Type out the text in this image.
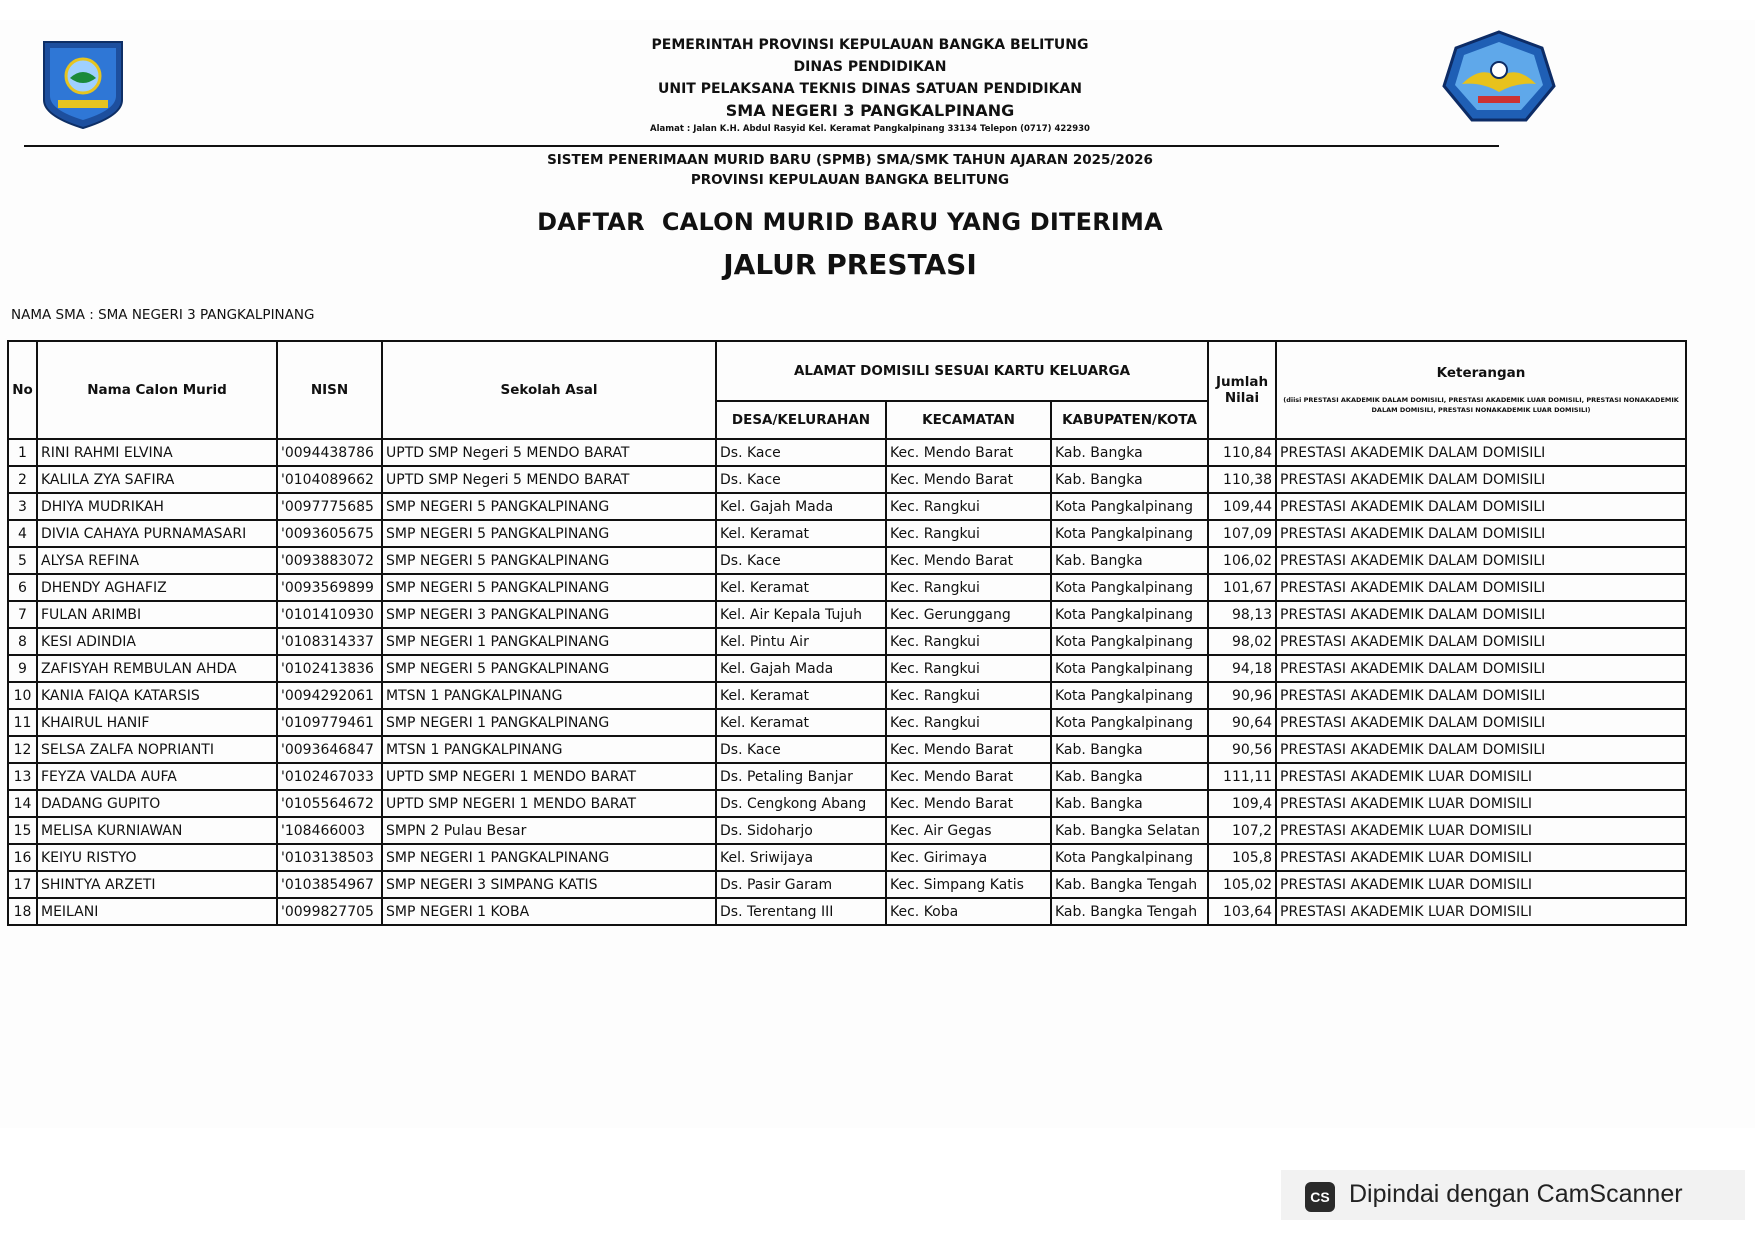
PEMERINTAH PROVINSI KEPULAUAN BANGKA BELITUNG
DINAS PENDIDIKAN
UNIT PELAKSANA TEKNIS DINAS SATUAN PENDIDIKAN
SMA NEGERI 3 PANGKALPINANG
Alamat : Jalan K.H. Abdul Rasyid Kel. Keramat Pangkalpinang 33134 Telepon (0717) 422930
SISTEM PENERIMAAN MURID BARU (SPMB) SMA/SMK TAHUN AJARAN 2025/2026
PROVINSI KEPULAUAN BANGKA BELITUNG
DAFTAR  CALON MURID BARU YANG DITERIMA
JALUR PRESTASI
NAMA SMA : SMA NEGERI 3 PANGKALPINANG
No	Nama Calon Murid	NISN	Sekolah Asal	ALAMAT DOMISILI SESUAI KARTU KELUARGA			Jumlah Nilai	Keterangan
(diisi PRESTASI AKADEMIK DALAM DOMISILI, PRESTASI AKADEMIK LUAR DOMISILI, PRESTASI NONAKADEMIK DALAM DOMISILI, PRESTASI NONAKADEMIK LUAR DOMISILI)

				DESA/KELURAHAN	KECAMATAN	KABUPATEN/KOTA		
1	RINI RAHMI ELVINA	'0094438786	UPTD SMP Negeri 5 MENDO BARAT	Ds. Kace	Kec. Mendo Barat	Kab. Bangka	110,84	PRESTASI AKADEMIK DALAM DOMISILI
2	KALILA ZYA SAFIRA	'0104089662	UPTD SMP Negeri 5 MENDO BARAT	Ds. Kace	Kec. Mendo Barat	Kab. Bangka	110,38	PRESTASI AKADEMIK DALAM DOMISILI
3	DHIYA MUDRIKAH	'0097775685	SMP NEGERI 5 PANGKALPINANG	Kel. Gajah Mada	Kec. Rangkui	Kota Pangkalpinang	109,44	PRESTASI AKADEMIK DALAM DOMISILI
4	DIVIA CAHAYA PURNAMASARI	'0093605675	SMP NEGERI 5 PANGKALPINANG	Kel. Keramat	Kec. Rangkui	Kota Pangkalpinang	107,09	PRESTASI AKADEMIK DALAM DOMISILI
5	ALYSA REFINA	'0093883072	SMP NEGERI 5 PANGKALPINANG	Ds. Kace	Kec. Mendo Barat	Kab. Bangka	106,02	PRESTASI AKADEMIK DALAM DOMISILI
6	DHENDY AGHAFIZ	'0093569899	SMP NEGERI 5 PANGKALPINANG	Kel. Keramat	Kec. Rangkui	Kota Pangkalpinang	101,67	PRESTASI AKADEMIK DALAM DOMISILI
7	FULAN ARIMBI	'0101410930	SMP NEGERI 3 PANGKALPINANG	Kel. Air Kepala Tujuh	Kec. Gerunggang	Kota Pangkalpinang	98,13	PRESTASI AKADEMIK DALAM DOMISILI
8	KESI ADINDIA	'0108314337	SMP NEGERI 1 PANGKALPINANG	Kel. Pintu Air	Kec. Rangkui	Kota Pangkalpinang	98,02	PRESTASI AKADEMIK DALAM DOMISILI
9	ZAFISYAH REMBULAN AHDA	'0102413836	SMP NEGERI 5 PANGKALPINANG	Kel. Gajah Mada	Kec. Rangkui	Kota Pangkalpinang	94,18	PRESTASI AKADEMIK DALAM DOMISILI
10	KANIA FAIQA KATARSIS	'0094292061	MTSN 1 PANGKALPINANG	Kel. Keramat	Kec. Rangkui	Kota Pangkalpinang	90,96	PRESTASI AKADEMIK DALAM DOMISILI
11	KHAIRUL HANIF	'0109779461	SMP NEGERI 1 PANGKALPINANG	Kel. Keramat	Kec. Rangkui	Kota Pangkalpinang	90,64	PRESTASI AKADEMIK DALAM DOMISILI
12	SELSA ZALFA NOPRIANTI	'0093646847	MTSN 1 PANGKALPINANG	Ds. Kace	Kec. Mendo Barat	Kab. Bangka	90,56	PRESTASI AKADEMIK DALAM DOMISILI
13	FEYZA VALDA AUFA	'0102467033	UPTD SMP NEGERI 1 MENDO BARAT	Ds. Petaling Banjar	Kec. Mendo Barat	Kab. Bangka	111,11	PRESTASI AKADEMIK LUAR DOMISILI
14	DADANG GUPITO	'0105564672	UPTD SMP NEGERI 1 MENDO BARAT	Ds. Cengkong Abang	Kec. Mendo Barat	Kab. Bangka	109,4	PRESTASI AKADEMIK LUAR DOMISILI
15	MELISA KURNIAWAN	'108466003	SMPN 2 Pulau Besar	Ds. Sidoharjo	Kec. Air Gegas	Kab. Bangka Selatan	107,2	PRESTASI AKADEMIK LUAR DOMISILI
16	KEIYU RISTYO	'0103138503	SMP NEGERI 1 PANGKALPINANG	Kel. Sriwijaya	Kec. Girimaya	Kota Pangkalpinang	105,8	PRESTASI AKADEMIK LUAR DOMISILI
17	SHINTYA ARZETI	'0103854967	SMP NEGERI 3 SIMPANG KATIS	Ds. Pasir Garam	Kec. Simpang Katis	Kab. Bangka Tengah	105,02	PRESTASI AKADEMIK LUAR DOMISILI
18	MEILANI	'0099827705	SMP NEGERI 1 KOBA	Ds. Terentang III	Kec. Koba	Kab. Bangka Tengah	103,64	PRESTASI AKADEMIK LUAR DOMISILI
CS Dipindai dengan CamScanner
